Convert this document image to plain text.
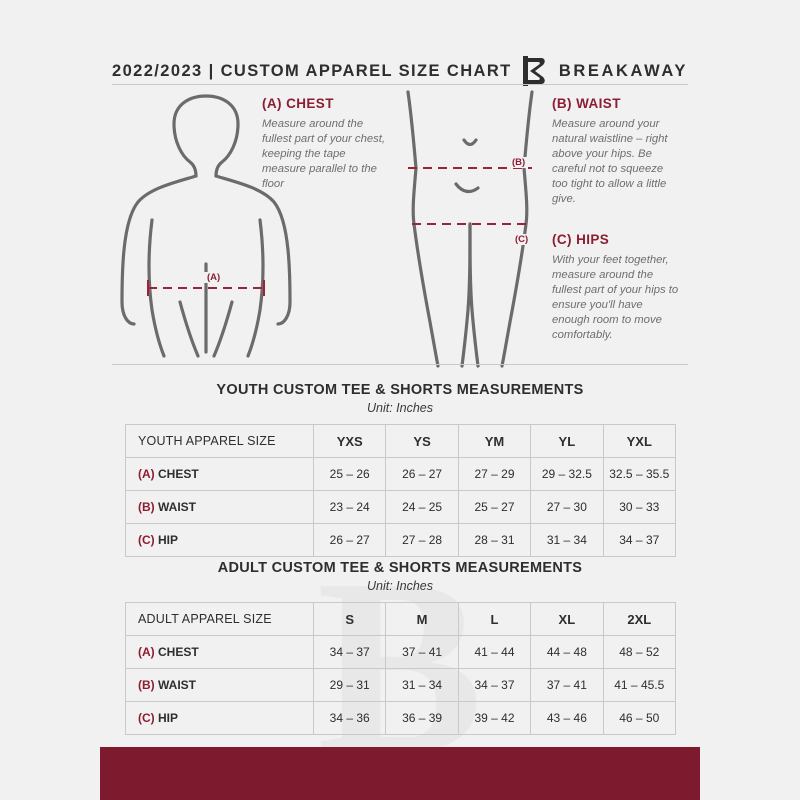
2022/2023 | CUSTOM APPAREL SIZE CHART	BREAKAWAY
(A)
(B)
(C)

(A) CHEST

Measure around the fullest part of your chest, keeping the tape measure parallel to the floor

(B) WAIST

Measure around your natural waistline – right above your hips. Be careful not to squeeze too tight to allow a little give.

(C) HIPS

With your feet together, measure around the fullest part of your hips to ensure you'll have enough room to move comfortably.

YOUTH CUSTOM TEE & SHORTS MEASUREMENTS
Unit: Inches
YOUTH APPAREL SIZE	YXS	YS	YM	YL	YXL
(A) CHEST	25 – 26	26 – 27	27 – 29	29 – 32.5	32.5 – 35.5
(B) WAIST	23 – 24	24 – 25	25 – 27	27 – 30	30 – 33
(C) HIP	26 – 27	27 – 28	28 – 31	31 – 34	34 – 37
ADULT CUSTOM TEE & SHORTS MEASUREMENTS
Unit: Inches
ADULT APPAREL SIZE	S	M	L	XL	2XL
(A) CHEST	34 – 37	37 – 41	41 – 44	44 – 48	48 – 52
(B) WAIST	29 – 31	31 – 34	34 – 37	37 – 41	41 – 45.5
(C) HIP	34 – 36	36 – 39	39 – 42	43 – 46	46 – 50
